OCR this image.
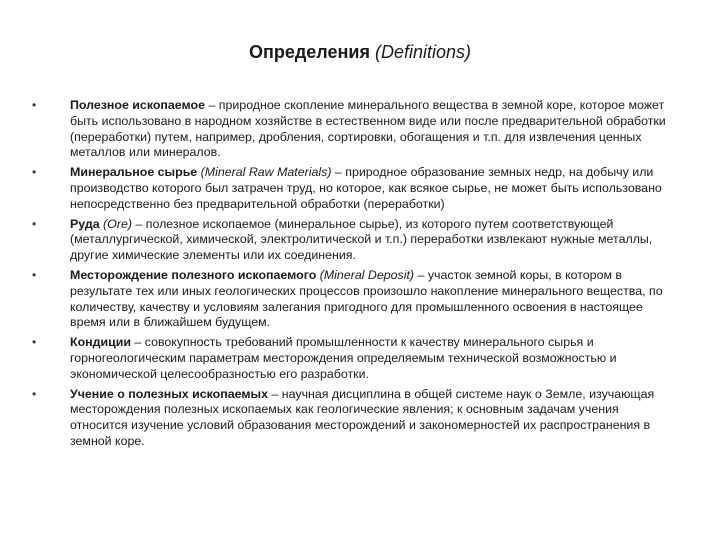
Определения (Definitions)
•	Полезное ископаемое – природное скопление минерального вещества в земной коре, которое может быть использовано в народном хозяйстве в естественном виде или после предварительной обработки (переработки) путем, например, дробления, сортировки, обогащения и т.п. для извлечения ценных металлов или минералов.
•	Минеральное сырье (Mineral Raw Materials) – природное образование земных недр, на добычу или производство которого был затрачен труд, но которое, как всякое сырье, не может быть использовано непосредственно без предварительной обработки (переработки)
•	Руда (Ore) – полезное ископаемое (минеральное сырье), из которого путем соответствующей (металлургической, химической, электролитической и т.п.) переработки извлекают нужные металлы, другие химические элементы или их соединения.
•	Месторождение полезного ископаемого (Mineral Deposit) – участок земной коры, в котором в результате тех или иных геологических процессов произошло накопление минерального вещества, по количеству, качеству и условиям залегания пригодного для промышленного освоения в настоящее время или в ближайшем будущем.
•	Кондиции – совокупность требований промышленности к качеству минерального сырья и горногеологическим параметрам месторождения определяемым технической возможностью и экономической целесообразностью его разработки.
•	Учение о полезных ископаемых – научная дисциплина в общей системе наук о Земле, изучающая месторождения полезных ископаемых как геологические явления; к основным задачам учения относится изучение условий образования месторождений и закономерностей их распространения в земной коре.
